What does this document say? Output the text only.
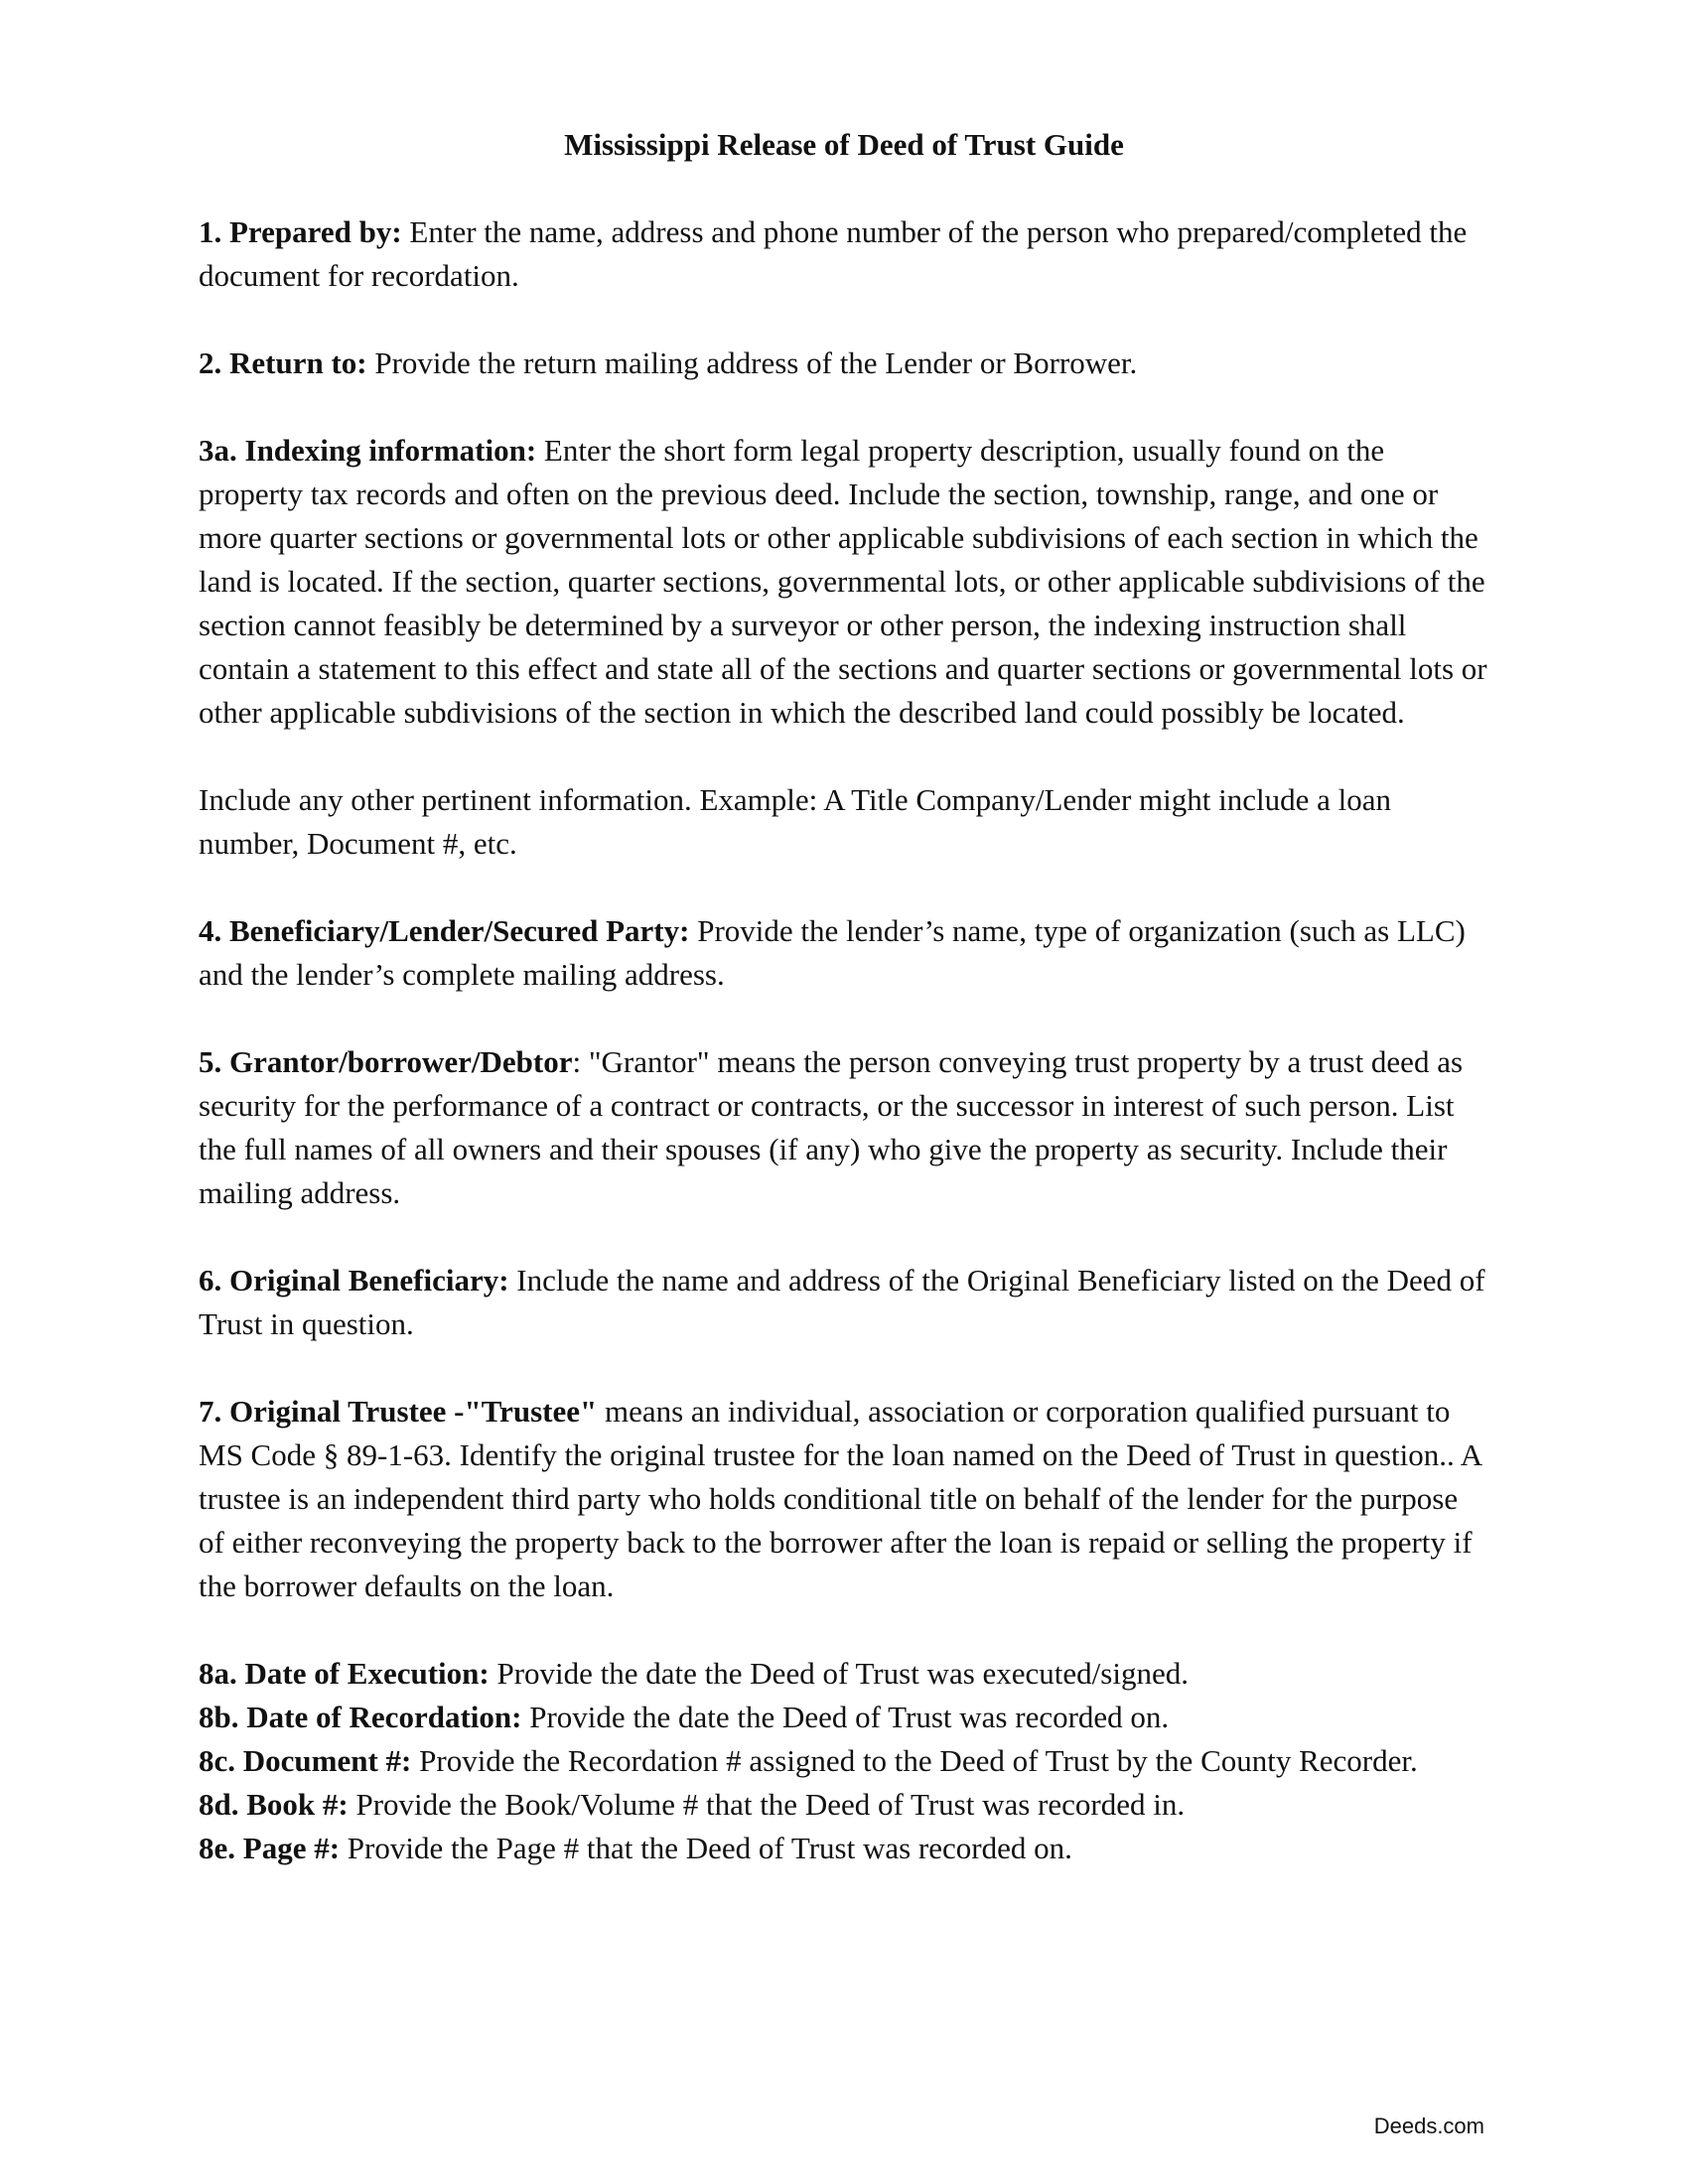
Mississippi Release of Deed of Trust Guide

1. Prepared by: Enter the name, address and phone number of the person who prepared/completed the document for recordation.

2. Return to: Provide the return mailing address of the Lender or Borrower.

3a. Indexing information: Enter the short form legal property description, usually found on the property tax records and often on the previous deed. Include the section, township, range, and one or more quarter sections or governmental lots or other applicable subdivisions of each section in which the land is located. If the section, quarter sections, governmental lots, or other applicable subdivisions of the section cannot feasibly be determined by a surveyor or other person, the indexing instruction shall contain a statement to this effect and state all of the sections and quarter sections or governmental lots or other applicable subdivisions of the section in which the described land could possibly be located.

Include any other pertinent information. Example: A Title Company/Lender might include a loan number, Document #, etc.

4. Beneficiary/Lender/Secured Party: Provide the lender’s name, type of organization (such as LLC) and the lender’s complete mailing address.

5. Grantor/borrower/Debtor: "Grantor" means the person conveying trust property by a trust deed as security for the performance of a contract or contracts, or the successor in interest of such person. List the full names of all owners and their spouses (if any) who give the property as security. Include their mailing address.

6. Original Beneficiary: Include the name and address of the Original Beneficiary listed on the Deed of Trust in question.

7. Original Trustee -"Trustee" means an individual, association or corporation qualified pursuant to MS Code § 89-1-63. Identify the original trustee for the loan named on the Deed of Trust in question.. A trustee is an independent third party who holds conditional title on behalf of the lender for the purpose of either reconveying the property back to the borrower after the loan is repaid or selling the property if the borrower defaults on the loan.

8a. Date of Execution: Provide the date the Deed of Trust was executed/signed.

8b. Date of Recordation: Provide the date the Deed of Trust was recorded on.

8c. Document #: Provide the Recordation # assigned to the Deed of Trust by the County Recorder.

8d. Book #: Provide the Book/Volume # that the Deed of Trust was recorded in.

8e. Page #: Provide the Page # that the Deed of Trust was recorded on.

Deeds.com
